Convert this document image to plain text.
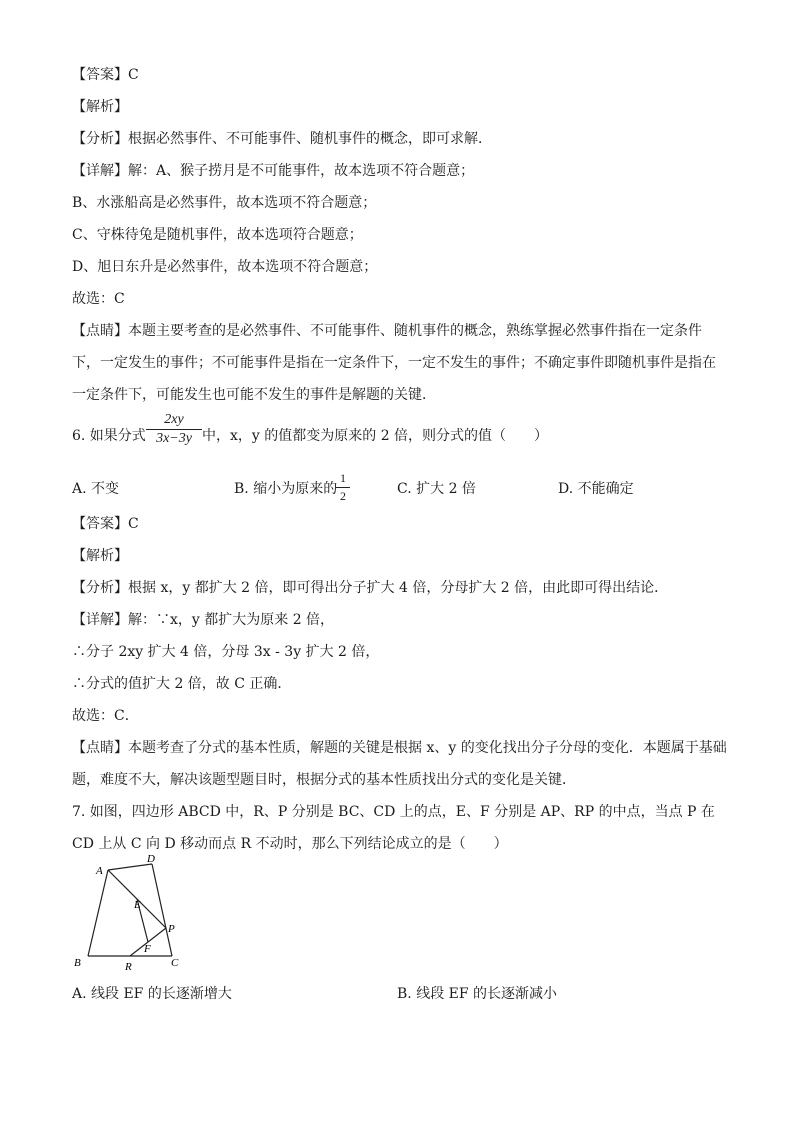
【答案】C
【解析】
【分析】根据必然事件、不可能事件、随机事件的概念，即可求解．
【详解】解：A、猴子捞月是不可能事件，故本选项不符合题意；
B、水涨船高是必然事件，故本选项不符合题意；
C、守株待兔是随机事件，故本选项符合题意；
D、旭日东升是必然事件，故本选项不符合题意；
故选：C
【点睛】本题主要考查的是必然事件、不可能事件、随机事件的概念，熟练掌握必然事件指在一定条件
下，一定发生的事件；不可能事件是指在一定条件下，一定不发生的事件；不确定事件即随机事件是指在
一定条件下，可能发生也可能不发生的事件是解题的关键．
6. 如果分式 $\frac{2xy}{3x-3y}$ 中，x，y 的值都变为原来的 2 倍，则分式的值（　　）
A. 不变	B. 缩小为原来的
$\frac{1}{2}$	C. 扩大 2 倍	D. 不能确定
【答案】C
【解析】
【分析】根据 x，y 都扩大 2 倍，即可得出分子扩大 4 倍，分母扩大 2 倍，由此即可得出结论．
【详解】解：∵x，y 都扩大为原来 2 倍，
∴分子 2xy 扩大 4 倍，分母 3x - 3y 扩大 2 倍，
∴分式的值扩大 2 倍，故 C 正确．
故选：C．
【点睛】本题考查了分式的基本性质，解题的关键是根据 x、y 的变化找出分子分母的变化．本题属于基础
题，难度不大，解决该题型题目时，根据分式的基本性质找出分式的变化是关键．
7. 如图，四边形 ABCD 中，R、P 分别是 BC、CD 上的点，E、F 分别是 AP、RP 的中点，当点 P 在
CD 上从 C 向 D 移动而点 R 不动时，那么下列结论成立的是（　　）
A
D
E
P
F
B	R	C
A. 线段 EF 的长逐渐增大	B. 线段 EF 的长逐渐减小
